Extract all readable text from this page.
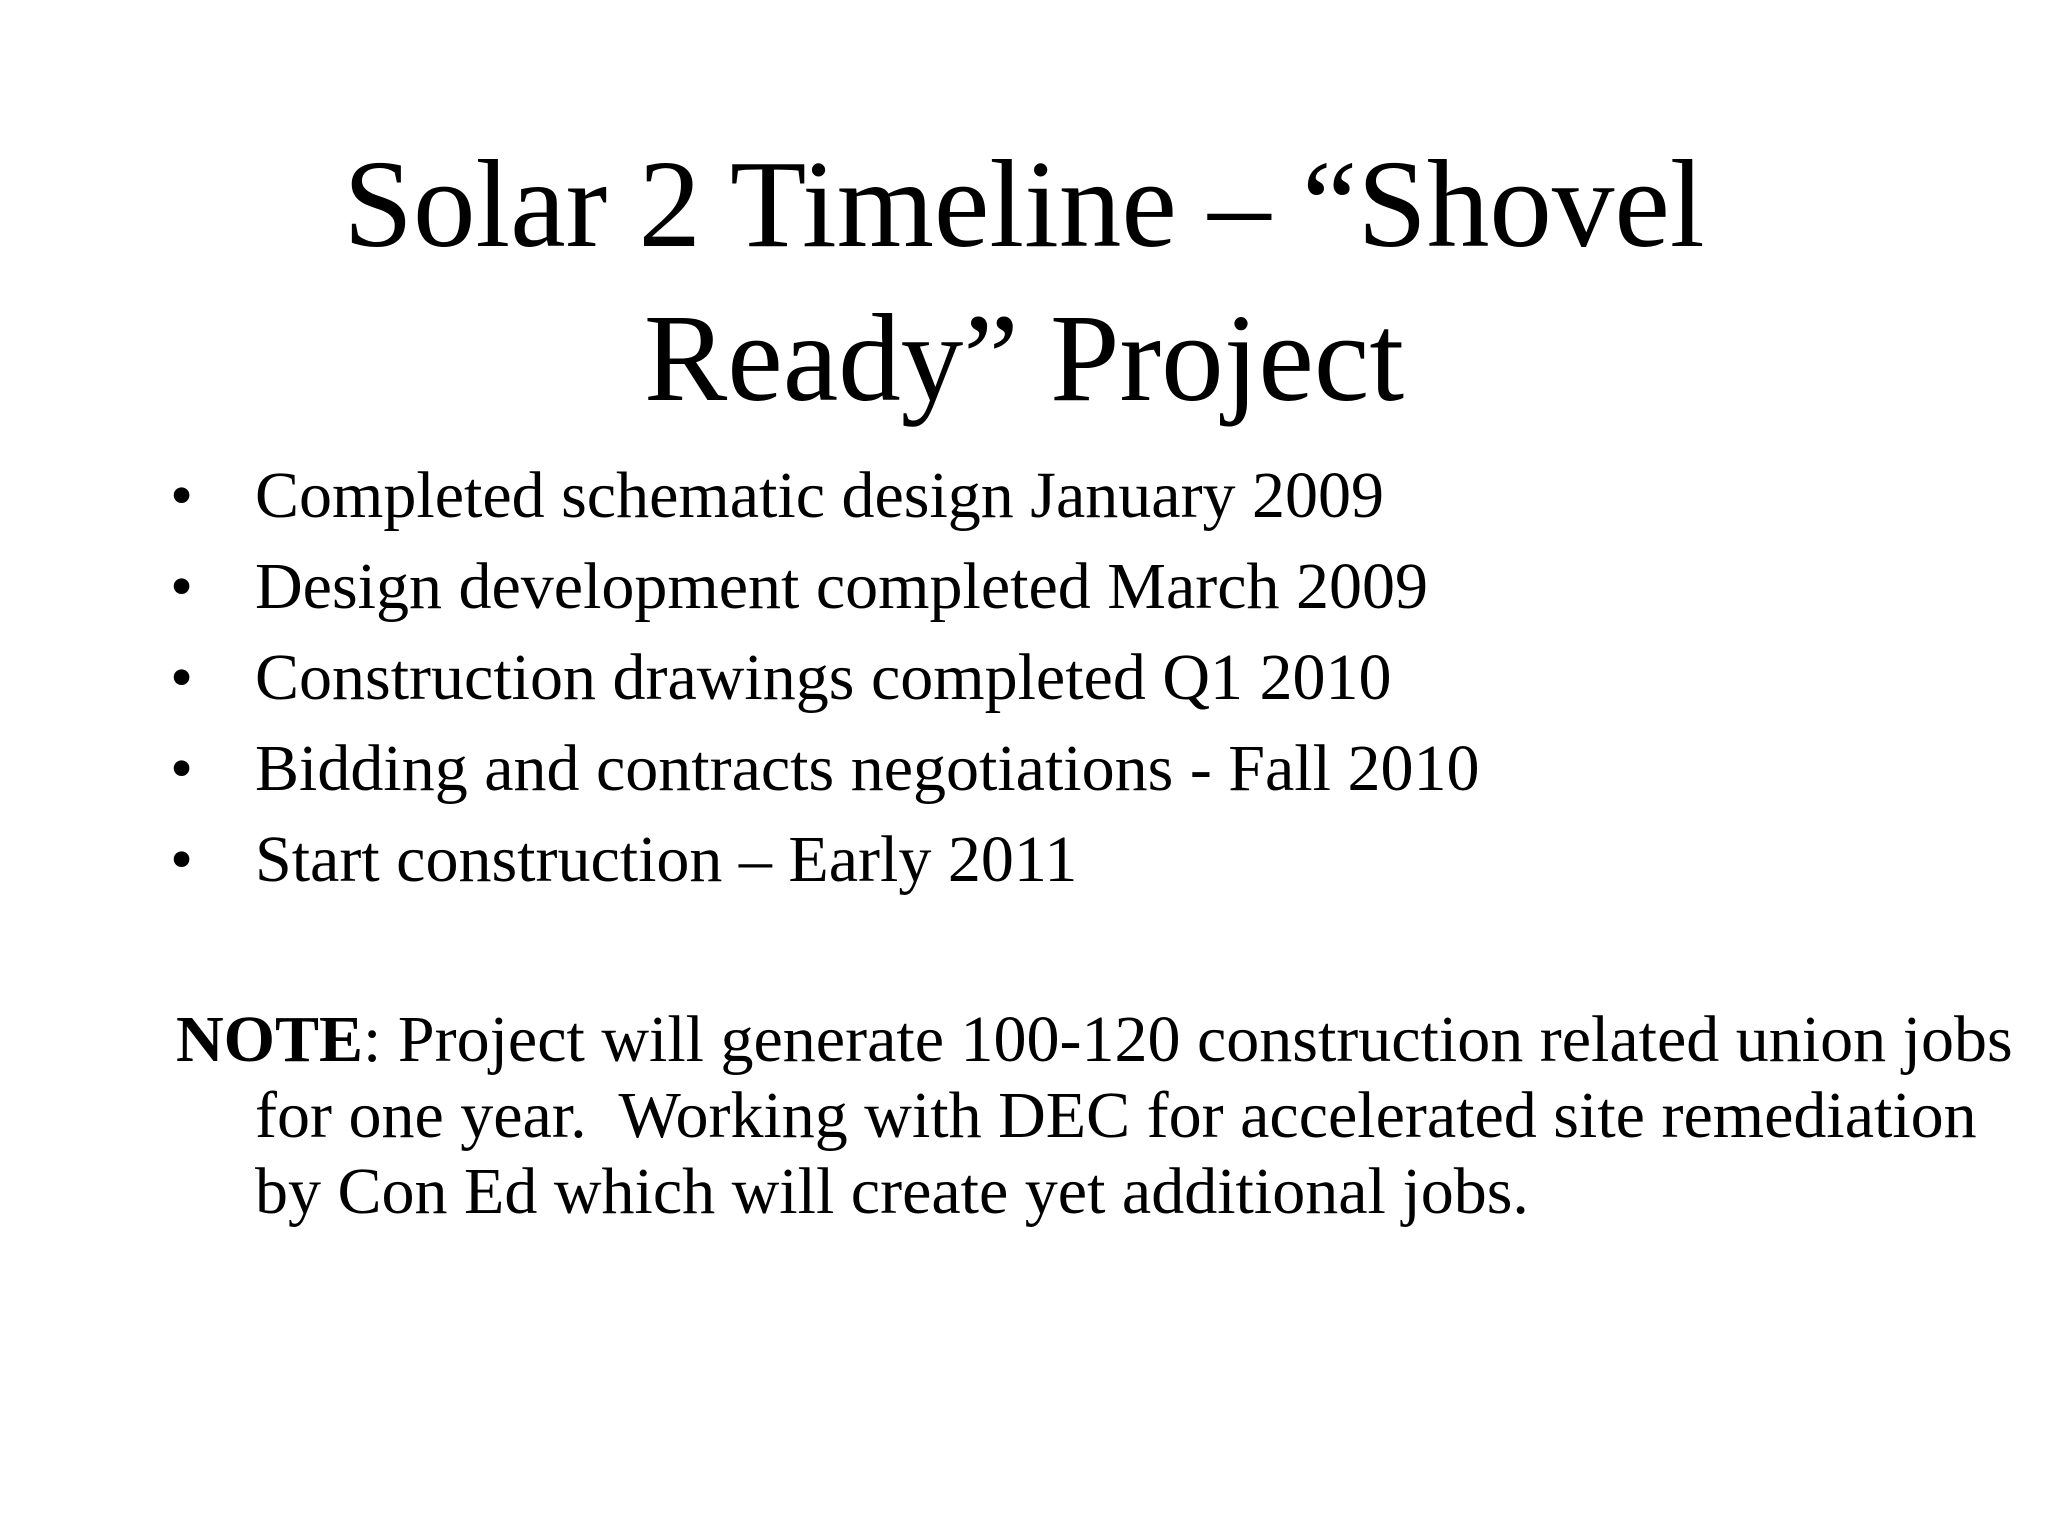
Solar 2 Timeline – “Shovel
Ready” Project
• Completed schematic design January 2009
• Design development completed March 2009
• Construction drawings completed Q1 2010
• Bidding and contracts negotiations - Fall 2010
• Start construction – Early 2011

NOTE: Project will generate 100-120 construction related union jobs for one year.  Working with DEC for accelerated site remediation by Con Ed which will create yet additional jobs.
